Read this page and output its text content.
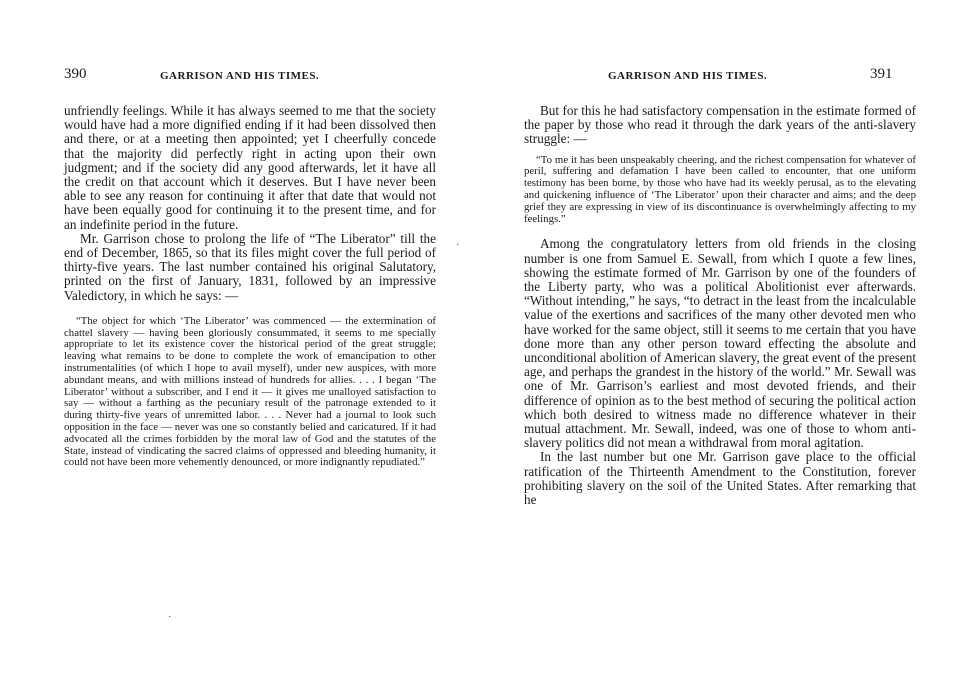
390	GARRISON AND HIS TIMES.

unfriendly feelings. While it has always seemed to me that the society would have had a more dignified ending if it had been dissolved then and there, or at a meeting then appointed; yet I cheerfully concede that the majority did perfectly right in acting upon their own judgment; and if the society did any good afterwards, let it have all the credit on that account which it deserves. But I have never been able to see any reason for continuing it after that date that would not have been equally good for continuing it to the present time, and for an indefinite period in the future.

Mr. Garrison chose to prolong the life of “The Liberator” till the end of December, 1865, so that its files might cover the full period of thirty-five years. The last number contained his original Salutatory, printed on the first of January, 1831, followed by an impressive Valedictory, in which he says: —

“The object for which ‘The Liberator’ was commenced — the extermination of chattel slavery — having been gloriously consummated, it seems to me specially appropriate to let its existence cover the historical period of the great struggle; leaving what remains to be done to complete the work of emancipation to other instrumentalities (of which I hope to avail myself), under new auspices, with more abundant means, and with millions instead of hundreds for allies. . . . I began ‘The Liberator’ without a subscriber, and I end it — it gives me unalloyed satisfaction to say — without a farthing as the pecuniary result of the patronage extended to it during thirty-five years of unremitted labor. . . . Never had a journal to look such opposition in the face — never was one so constantly belied and caricatured. If it had advocated all the crimes forbidden by the moral law of God and the statutes of the State, instead of vindicating the sacred claims of oppressed and bleeding humanity, it could not have been more vehemently denounced, or more indignantly repudiated.”

·
GARRISON AND HIS TIMES.	391

But for this he had satisfactory compensation in the estimate formed of the paper by those who read it through the dark years of the anti-slavery struggle: —

“To me it has been unspeakably cheering, and the richest compensation for whatever of peril, suffering and defamation I have been called to encounter, that one uniform testimony has been borne, by those who have had its weekly perusal, as to the elevating and quickening influence of ‘The Liberator’ upon their character and aims; and the deep grief they are expressing in view of its discontinuance is overwhelmingly affecting to my feelings.”

Among the congratulatory letters from old friends in the closing number is one from Samuel E. Sewall, from which I quote a few lines, showing the estimate formed of Mr. Garrison by one of the founders of the Liberty party, who was a political Abolitionist ever afterwards. “Without intending,” he says, “to detract in the least from the incalculable value of the exertions and sacrifices of the many other devoted men who have worked for the same object, still it seems to me certain that you have done more than any other person toward effecting the absolute and unconditional abolition of American slavery, the great event of the present age, and perhaps the grandest in the history of the world.” Mr. Sewall was one of Mr. Garrison’s earliest and most devoted friends, and their difference of opinion as to the best method of securing the political action which both desired to witness made no difference whatever in their mutual attachment. Mr. Sewall, indeed, was one of those to whom anti-slavery politics did not mean a withdrawal from moral agitation.

In the last number but one Mr. Garrison gave place to the official ratification of the Thirteenth Amendment to the Constitution, forever prohibiting slavery on the soil of the United States. After remarking that he

·
